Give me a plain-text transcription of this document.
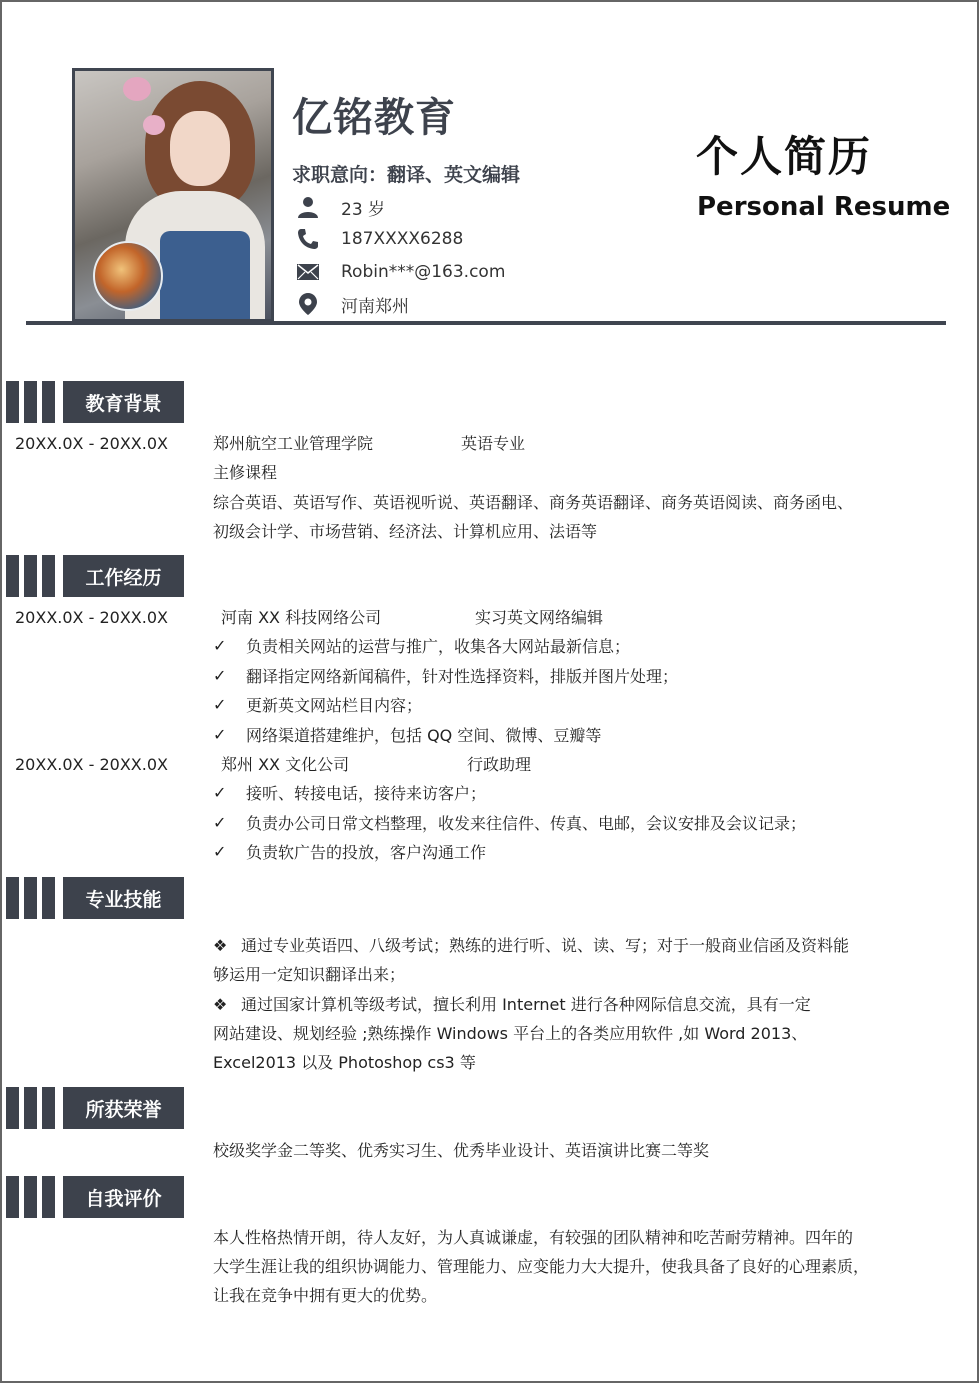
亿铭教育
求职意向：翻译、英文编辑
23 岁
187XXXX6288
Robin***@163.com
河南郑州
个人简历
Personal Resume
教育背景
20XX.0X - 20XX.0X	郑州航空工业管理学院	英语专业
主修课程
综合英语、英语写作、英语视听说、英语翻译、商务英语翻译、商务英语阅读、商务函电、
初级会计学、市场营销、经济法、计算机应用、法语等
工作经历
20XX.0X - 20XX.0X	河南 XX 科技网络公司	实习英文网络编辑
✓ 负责相关网站的运营与推广，收集各大网站最新信息；
✓ 翻译指定网络新闻稿件，针对性选择资料，排版并图片处理；
✓ 更新英文网站栏目内容；
✓ 网络渠道搭建维护，包括 QQ 空间、微博、豆瓣等
20XX.0X - 20XX.0X	郑州 XX 文化公司	行政助理
✓ 接听、转接电话，接待来访客户；
✓ 负责办公司日常文档整理，收发来往信件、传真、电邮，会议安排及会议记录；
✓ 负责软广告的投放，客户沟通工作
专业技能
❖ 通过专业英语四、八级考试；熟练的进行听、说、读、写；对于一般商业信函及资料能
够运用一定知识翻译出来；
❖ 通过国家计算机等级考试，擅长利用 Internet 进行各种网际信息交流，具有一定
网站建设、规划经验 ;熟练操作 Windows 平台上的各类应用软件 ,如 Word 2013、
Excel2013 以及 Photoshop cs3 等
所获荣誉
校级奖学金二等奖、优秀实习生、优秀毕业设计、英语演讲比赛二等奖
自我评价
本人性格热情开朗，待人友好，为人真诚谦虚，有较强的团队精神和吃苦耐劳精神。四年的
大学生涯让我的组织协调能力、管理能力、应变能力大大提升，使我具备了良好的心理素质，
让我在竞争中拥有更大的优势。
